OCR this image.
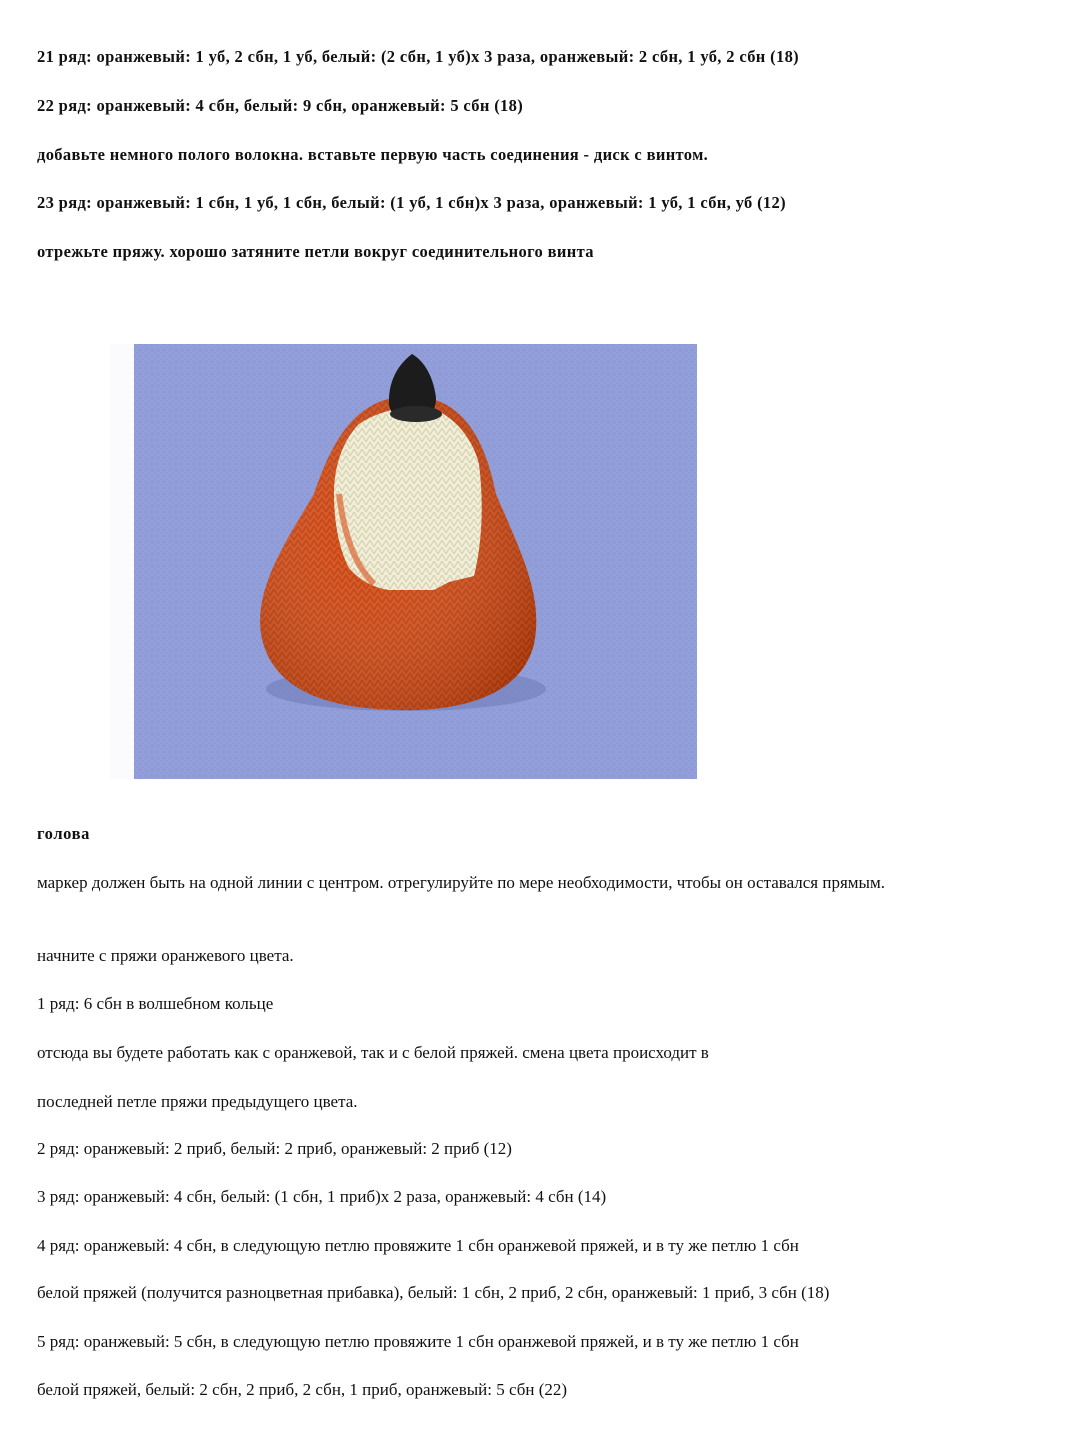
21 ряд: оранжевый: 1 уб, 2 сбн, 1 уб, белый: (2 сбн, 1 уб)х 3 раза, оранжевый: 2 сбн, 1 уб, 2 сбн (18)

22 ряд: оранжевый: 4 сбн, белый: 9 сбн, оранжевый: 5 сбн (18)

добавьте немного полого волокна. вставьте первую часть соединения - диск с винтом.

23 ряд: оранжевый: 1 сбн, 1 уб, 1 сбн, белый: (1 уб, 1 сбн)х 3 раза, оранжевый: 1 уб, 1 сбн, уб (12)

отрежьте пряжу. хорошо затяните петли вокруг соединительного винта

голова

маркер должен быть на одной линии с центром. отрегулируйте по мере необходимости, чтобы он оставался прямым.

начните с пряжи оранжевого цвета.

1 ряд: 6 сбн в волшебном кольце

отсюда вы будете работать как с оранжевой, так и с белой пряжей. смена цвета происходит в

последней петле пряжи предыдущего цвета.

2 ряд: оранжевый: 2 приб, белый: 2 приб, оранжевый: 2 приб (12)

3 ряд: оранжевый: 4 сбн, белый: (1 сбн, 1 приб)х 2 раза, оранжевый: 4 сбн (14)

4 ряд: оранжевый: 4 сбн, в следующую петлю провяжите 1 сбн оранжевой пряжей, и в ту же петлю 1 сбн

белой пряжей (получится разноцветная прибавка), белый: 1 сбн, 2 приб, 2 сбн, оранжевый: 1 приб, 3 сбн (18)

5 ряд: оранжевый: 5 сбн, в следующую петлю провяжите 1 сбн оранжевой пряжей, и в ту же петлю 1 сбн

белой пряжей, белый: 2 сбн, 2 приб, 2 сбн, 1 приб, оранжевый: 5 сбн (22)
